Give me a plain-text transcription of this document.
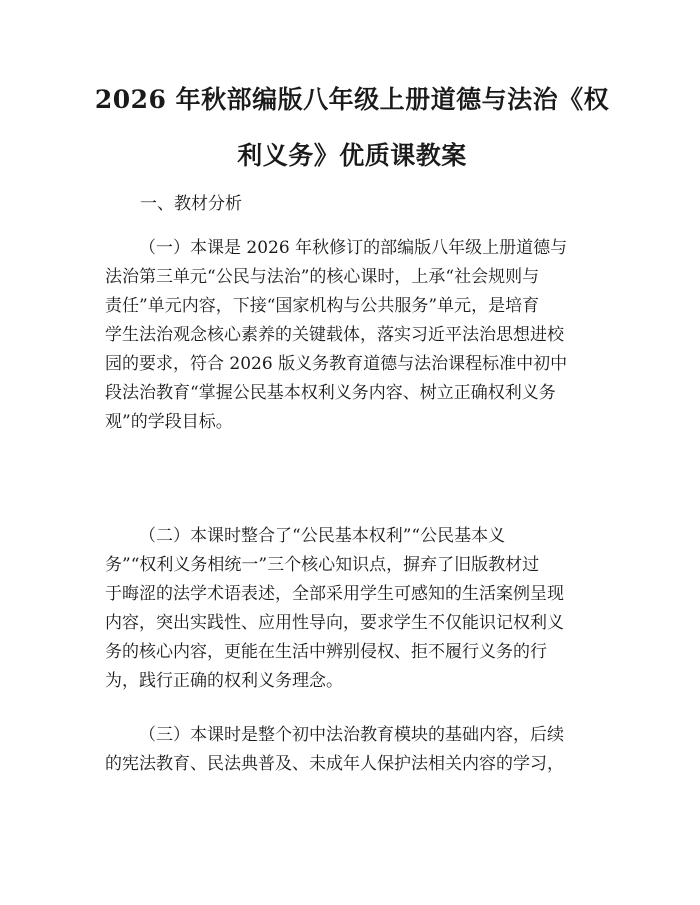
2026 年秋部编版八年级上册道德与法治《权
利义务》优质课教案
一、教材分析
（一）本课是 2026 年秋修订的部编版八年级上册道德与
法治第三单元“公民与法治”的核心课时，上承“社会规则与
责任”单元内容，下接“国家机构与公共服务”单元，是培育
学生法治观念核心素养的关键载体，落实习近平法治思想进校
园的要求，符合 2026 版义务教育道德与法治课程标准中初中
段法治教育“掌握公民基本权利义务内容、树立正确权利义务
观”的学段目标。
（二）本课时整合了“公民基本权利”“公民基本义
务”“权利义务相统一”三个核心知识点，摒弃了旧版教材过
于晦涩的法学术语表述，全部采用学生可感知的生活案例呈现
内容，突出实践性、应用性导向，要求学生不仅能识记权利义
务的核心内容，更能在生活中辨别侵权、拒不履行义务的行
为，践行正确的权利义务理念。
（三）本课时是整个初中法治教育模块的基础内容，后续
的宪法教育、民法典普及、未成年人保护法相关内容的学习，
